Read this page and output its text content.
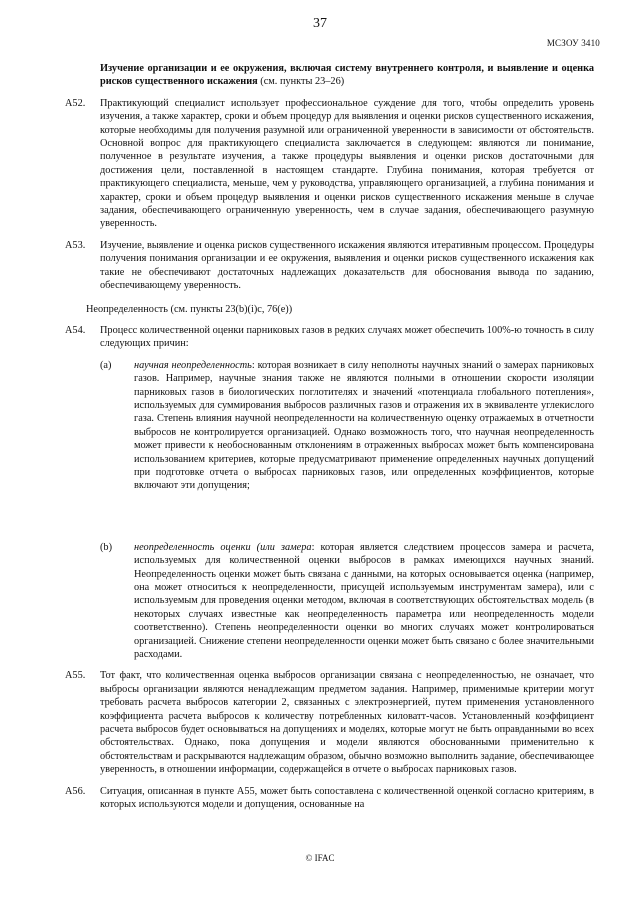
37
МСЗОУ 3410
Изучение организации и ее окружения, включая систему внутреннего контроля, и выявление и оценка рисков существенного искажения (см. пункты 23–26)
A52.	Практикующий специалист использует профессиональное суждение для того, чтобы определить уровень изучения, а также характер, сроки и объем процедур для выявления и оценки рисков существенного искажения, которые необходимы для получения разумной или ограниченной уверенности в зависимости от обстоятельств. Основной вопрос для практикующего специалиста заключается в следующем: являются ли понимание, полученное в результате изучения, а также процедуры выявления и оценки рисков достаточными для достижения цели, поставленной в настоящем стандарте. Глубина понимания, которая требуется от практикующего специалиста, меньше, чем у руководства, управляющего организацией, а глубина понимания и характер, сроки и объем процедур выявления и оценки рисков существенного искажения меньше в случае задания, обеспечивающего ограниченную уверенность, чем в случае задания, обеспечивающего разумную уверенность.
A53.	Изучение, выявление и оценка рисков существенного искажения являются итеративным процессом. Процедуры получения понимания организации и ее окружения, выявления и оценки рисков существенного искажения как такие не обеспечивают достаточных надлежащих доказательств для обоснования вывода по заданию, обеспечивающему уверенность.
Неопределенность (см. пункты 23(b)(i)c, 76(e))
A54.	Процесс количественной оценки парниковых газов в редких случаях может обеспечить 100%-ю точность в силу следующих причин:
(a)	научная неопределенность: которая возникает в силу неполноты научных знаний о замерах парниковых газов. Например, научные знания также не являются полными в отношении скорости изоляции парниковых газов в биологических поглотителях и значений «потенциала глобального потепления», используемых для суммирования выбросов различных газов и отражения их в эквиваленте углекислого газа. Степень влияния научной неопределенности на количественную оценку отражаемых в отчетности выбросов не контролируется организацией. Однако возможность того, что научная неопределенность может привести к необоснованным отклонениям в отраженных выбросах может быть компенсирована использованием критериев, которые предусматривают применение определенных научных допущений при подготовке отчета о выбросах парниковых газов, или определенных коэффициентов, которые включают эти допущения;
(b)	неопределенность оценки (или замера: которая является следствием процессов замера и расчета, используемых для количественной оценки выбросов в рамках имеющихся научных знаний. Неопределенность оценки может быть связана с данными, на которых основывается оценка (например, она может относиться к неопределенности, присущей используемым инструментам замера), или с используемым для проведения оценки методом, включая в соответствующих обстоятельствах модель (в некоторых случаях известные как неопределенность параметра или неопределенность модели соответственно). Степень неопределенности оценки во многих случаях может контролироваться организацией. Снижение степени неопределенности оценки может быть связано с более значительными расходами.
A55.	Тот факт, что количественная оценка выбросов организации связана с неопределенностью, не означает, что выбросы организации являются ненадлежащим предметом задания. Например, применимые критерии могут требовать расчета выбросов категории 2, связанных с электроэнергией, путем применения установленного коэффициента расчета выбросов к количеству потребленных киловатт-часов. Установленный коэффициент расчета выбросов будет основываться на допущениях и моделях, которые могут не быть оправданными во всех обстоятельствах. Однако, пока допущения и модели являются обоснованными применительно к обстоятельствам и раскрываются надлежащим образом, обычно возможно выполнить задание, обеспечивающее уверенность, в отношении информации, содержащейся в отчете о выбросах парниковых газов.
A56.	Ситуация, описанная в пункте А55, может быть сопоставлена с количественной оценкой согласно критериям, в которых используются модели и допущения, основанные на
© IFAC
